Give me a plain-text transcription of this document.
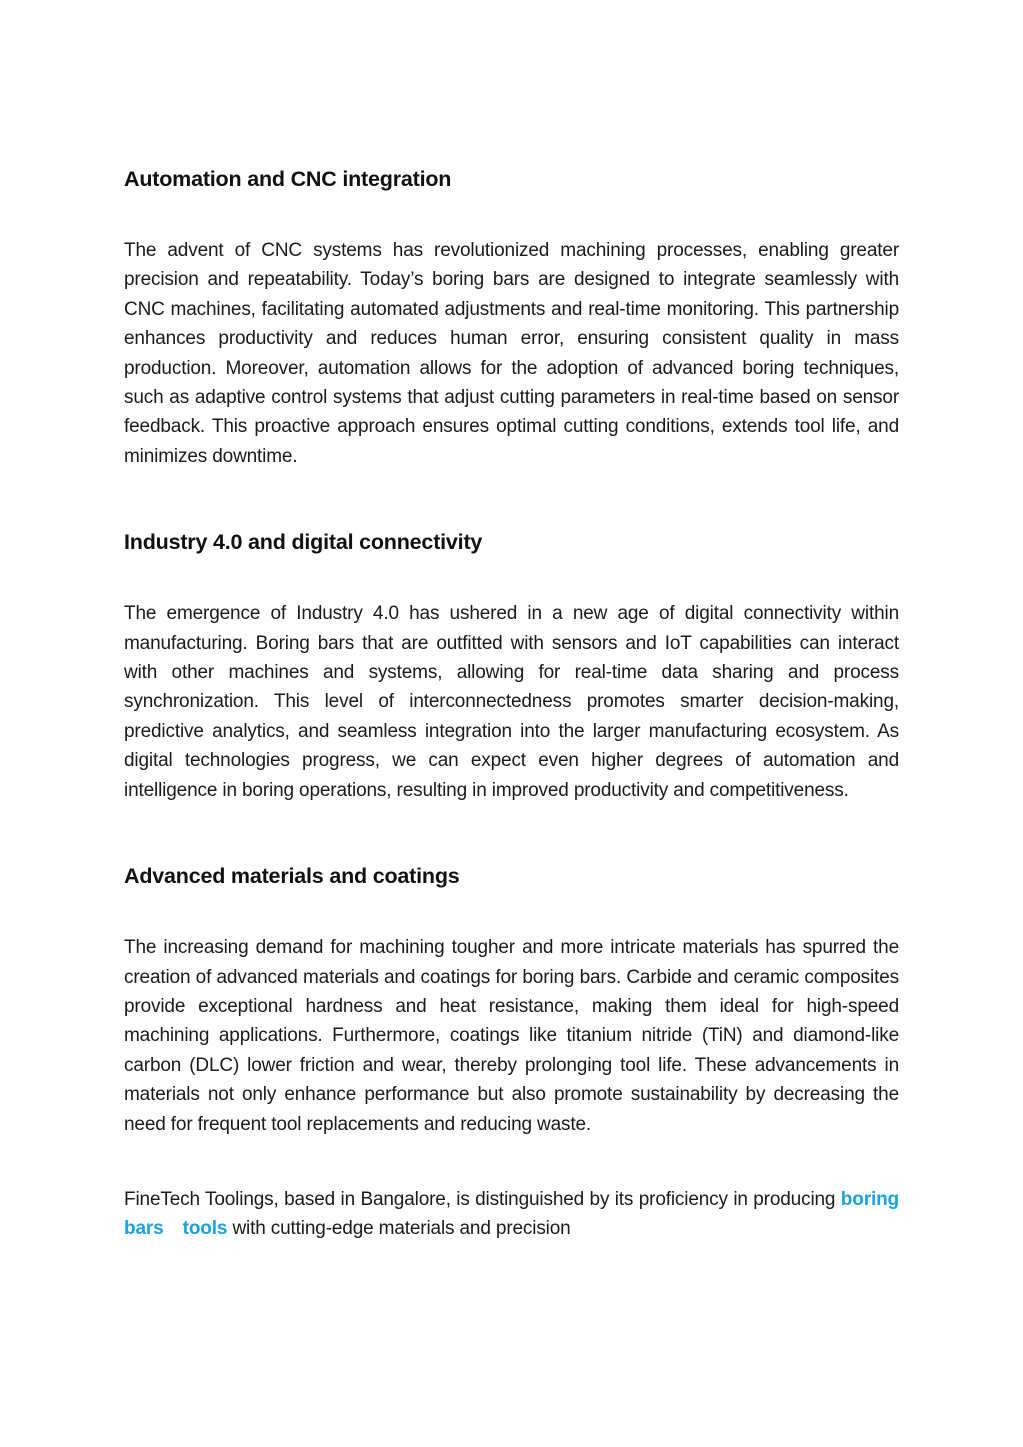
Automation and CNC integration

The advent of CNC systems has revolutionized machining processes, enabling greater precision and repeatability. Today’s boring bars are designed to integrate seamlessly with CNC machines, facilitating automated adjustments and real-time monitoring. This partnership enhances productivity and reduces human error, ensuring consistent quality in mass production. Moreover, automation allows for the adoption of advanced boring techniques, such as adaptive control systems that adjust cutting parameters in real-time based on sensor feedback. This proactive approach ensures optimal cutting conditions, extends tool life, and minimizes downtime.

Industry 4.0 and digital connectivity

The emergence of Industry 4.0 has ushered in a new age of digital connectivity within manufacturing. Boring bars that are outfitted with sensors and IoT capabilities can interact with other machines and systems, allowing for real-time data sharing and process synchronization. This level of interconnectedness promotes smarter decision-making, predictive analytics, and seamless integration into the larger manufacturing ecosystem. As digital technologies progress, we can expect even higher degrees of automation and intelligence in boring operations, resulting in improved productivity and competitiveness.

Advanced materials and coatings

The increasing demand for machining tougher and more intricate materials has spurred the creation of advanced materials and coatings for boring bars. Carbide and ceramic composites provide exceptional hardness and heat resistance, making them ideal for high-speed machining applications. Furthermore, coatings like titanium nitride (TiN) and diamond-like carbon (DLC) lower friction and wear, thereby prolonging tool life. These advancements in materials not only enhance performance but also promote sustainability by decreasing the need for frequent tool replacements and reducing waste.

FineTech Toolings, based in Bangalore, is distinguished by its proficiency in producing boring bars tools with cutting-edge materials and precision
